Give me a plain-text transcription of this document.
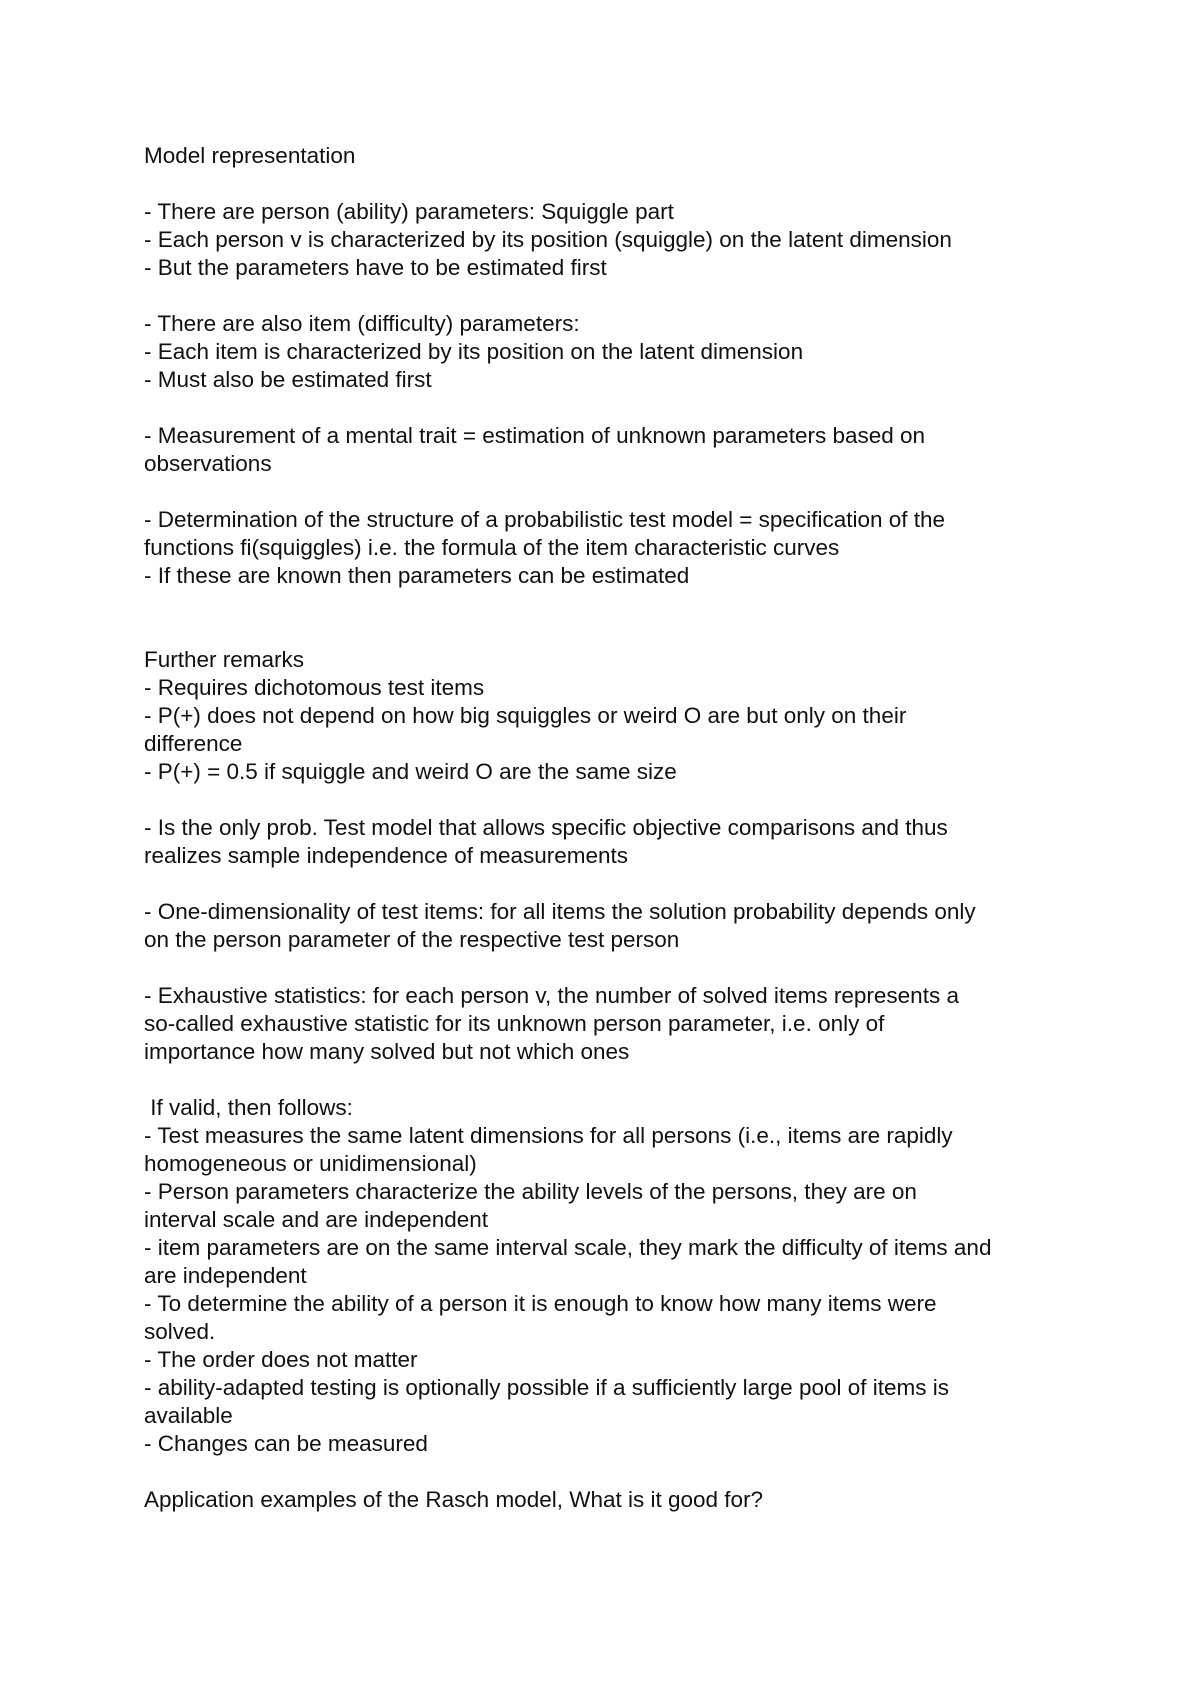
Model representation
- There are person (ability) parameters: Squiggle part
- Each person v is characterized by its position (squiggle) on the latent dimension
- But the parameters have to be estimated first
- There are also item (difficulty) parameters:
- Each item is characterized by its position on the latent dimension
- Must also be estimated first
- Measurement of a mental trait = estimation of unknown parameters based on
observations
- Determination of the structure of a probabilistic test model = specification of the
functions fi(squiggles) i.e. the formula of the item characteristic curves
- If these are known then parameters can be estimated
Further remarks
- Requires dichotomous test items
- P(+) does not depend on how big squiggles or weird O are but only on their
difference
- P(+) = 0.5 if squiggle and weird O are the same size
- Is the only prob. Test model that allows specific objective comparisons and thus
realizes sample independence of measurements
- One-dimensionality of test items: for all items the solution probability depends only
on the person parameter of the respective test person
- Exhaustive statistics: for each person v, the number of solved items represents a
so-called exhaustive statistic for its unknown person parameter, i.e. only of
importance how many solved but not which ones
If valid, then follows:
- Test measures the same latent dimensions for all persons (i.e., items are rapidly
homogeneous or unidimensional)
- Person parameters characterize the ability levels of the persons, they are on
interval scale and are independent
- item parameters are on the same interval scale, they mark the difficulty of items and
are independent
- To determine the ability of a person it is enough to know how many items were
solved.
- The order does not matter
- ability-adapted testing is optionally possible if a sufficiently large pool of items is
available
- Changes can be measured
Application examples of the Rasch model, What is it good for?
